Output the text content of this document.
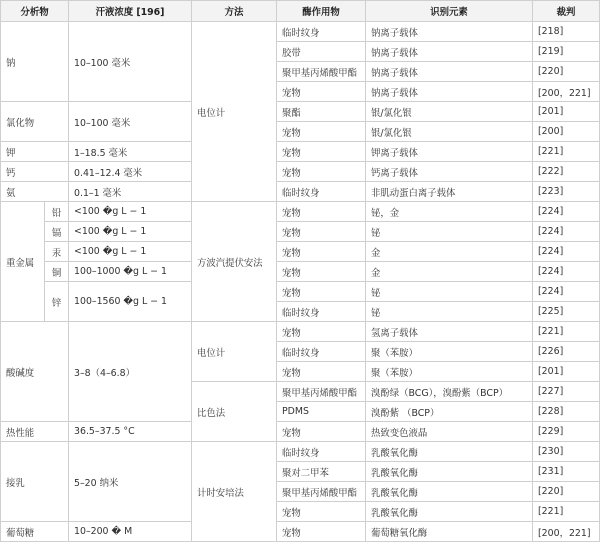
分析物		汗液浓度 [196]	方法	酶作用物	识别元素	裁判
钠		10–100 毫米	电位计	临时纹身	钠离子载体	[218]
				胶带	钠离子载体	[219]
				聚甲基丙烯酸甲酯	钠离子载体	[220]
				宠物	钠离子载体	[200，221]
氯化物		10–100 毫米		聚酯	银/氯化银	[201]
				宠物	银/氯化银	[200]
钾		1–18.5 毫米		宠物	钾离子载体	[221]
钙		0.41–12.4 毫米		宠物	钙离子载体	[222]
氨		0.1–1 毫米		临时纹身	非肌动蛋白离子载体	[223]
重金属	铅	<100 �g L − 1	方波汽提伏安法	宠物	铋，金	[224]
	镉	<100 �g L − 1		宠物	铋	[224]
	汞	<100 �g L − 1		宠物	金	[224]
	铜	100–1000 �g L − 1		宠物	金	[224]
	锌	100–1560 �g L − 1		宠物	铋	[224]
				临时纹身	铋	[225]
酸碱度		3–8（4–6.8）	电位计	宠物	氢离子载体	[221]
				临时纹身	聚（苯胺）	[226]
				宠物	聚（苯胺）	[201]
			比色法	聚甲基丙烯酸甲酯	溴酚绿（BCG），溴酚紫（BCP）	[227]
				PDMS	溴酚紫 （BCP）	[228]
热性能		36.5–37.5 °C		宠物	热致变色液晶	[229]
接乳		5–20 纳米	计时安培法	临时纹身	乳酸氧化酶	[230]
				聚对二甲苯	乳酸氧化酶	[231]
				聚甲基丙烯酸甲酯	乳酸氧化酶	[220]
				宠物	乳酸氧化酶	[221]
葡萄糖		10–200 � M		宠物	葡萄糖氧化酶	[200，221]
